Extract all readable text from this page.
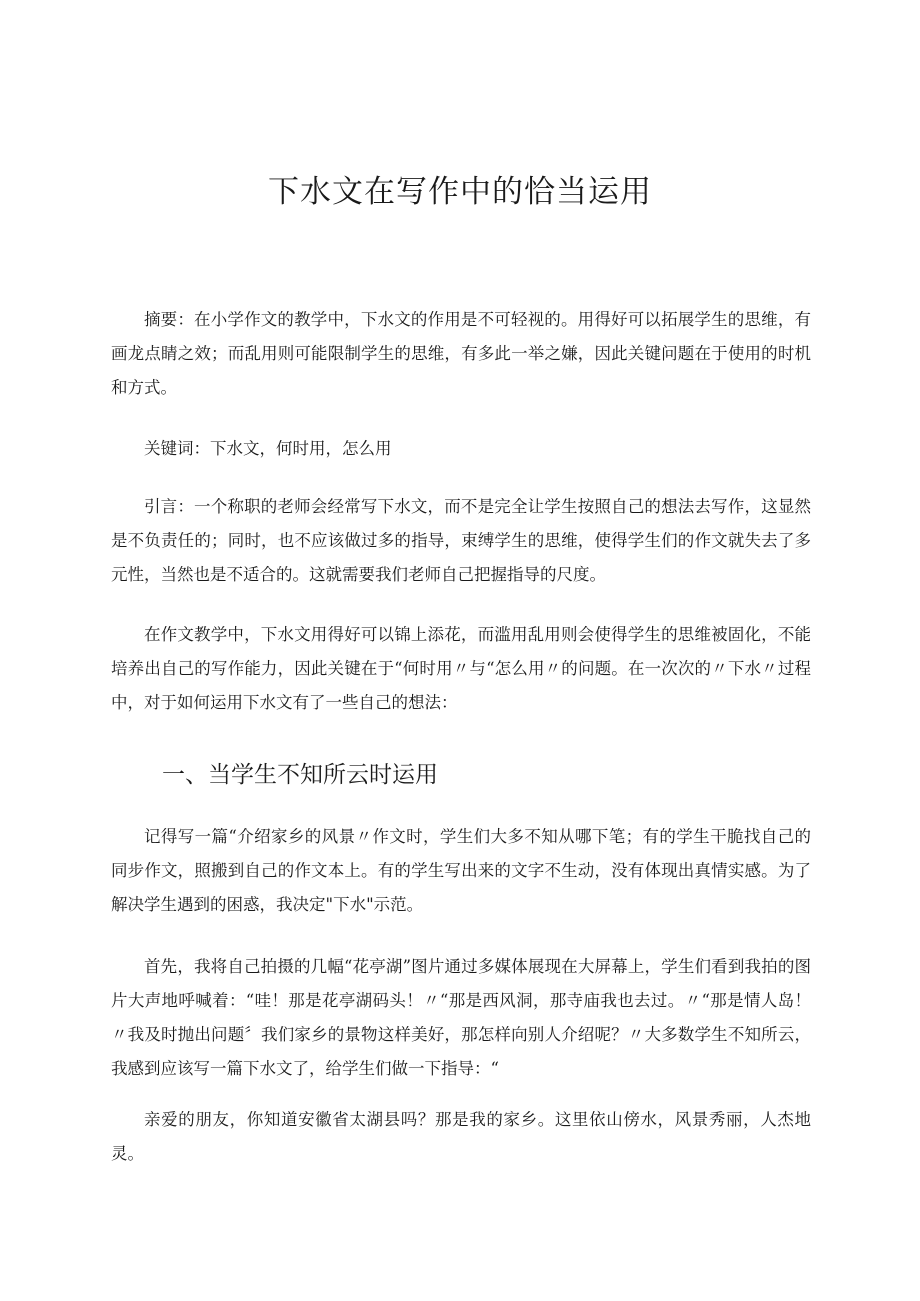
下水文在写作中的恰当运用

摘要：在小学作文的教学中，下水文的作用是不可轻视的。用得好可以拓展学生的思维，有画龙点睛之效；而乱用则可能限制学生的思维，有多此一举之嫌，因此关键问题在于使用的时机和方式。

关键词：下水文，何时用，怎么用

引言：一个称职的老师会经常写下水文，而不是完全让学生按照自己的想法去写作，这显然是不负责任的；同时，也不应该做过多的指导，束缚学生的思维，使得学生们的作文就失去了多元性，当然也是不适合的。这就需要我们老师自己把握指导的尺度。

在作文教学中，下水文用得好可以锦上添花，而滥用乱用则会使得学生的思维被固化，不能培养出自己的写作能力，因此关键在于“何时用〃与“怎么用〃的问题。在一次次的〃下水〃过程中，对于如何运用下水文有了一些自己的想法：

一、当学生不知所云时运用

记得写一篇“介绍家乡的风景〃作文时，学生们大多不知从哪下笔；有的学生干脆找自己的同步作文，照搬到自己的作文本上。有的学生写出来的文字不生动，没有体现出真情实感。为了解决学生遇到的困惑，我决定"下水"示范。

首先，我将自己拍摄的几幅“花亭湖”图片通过多媒体展现在大屏幕上，学生们看到我拍的图片大声地呼喊着：“哇！那是花亭湖码头！〃“那是西风洞，那寺庙我也去过。〃“那是情人岛！〃我及时抛出问题〞我们家乡的景物这样美好，那怎样向别人介绍呢？〃大多数学生不知所云，我感到应该写一篇下水文了，给学生们做一下指导：“

亲爱的朋友，你知道安徽省太湖县吗？那是我的家乡。这里依山傍水，风景秀丽，人杰地灵。
